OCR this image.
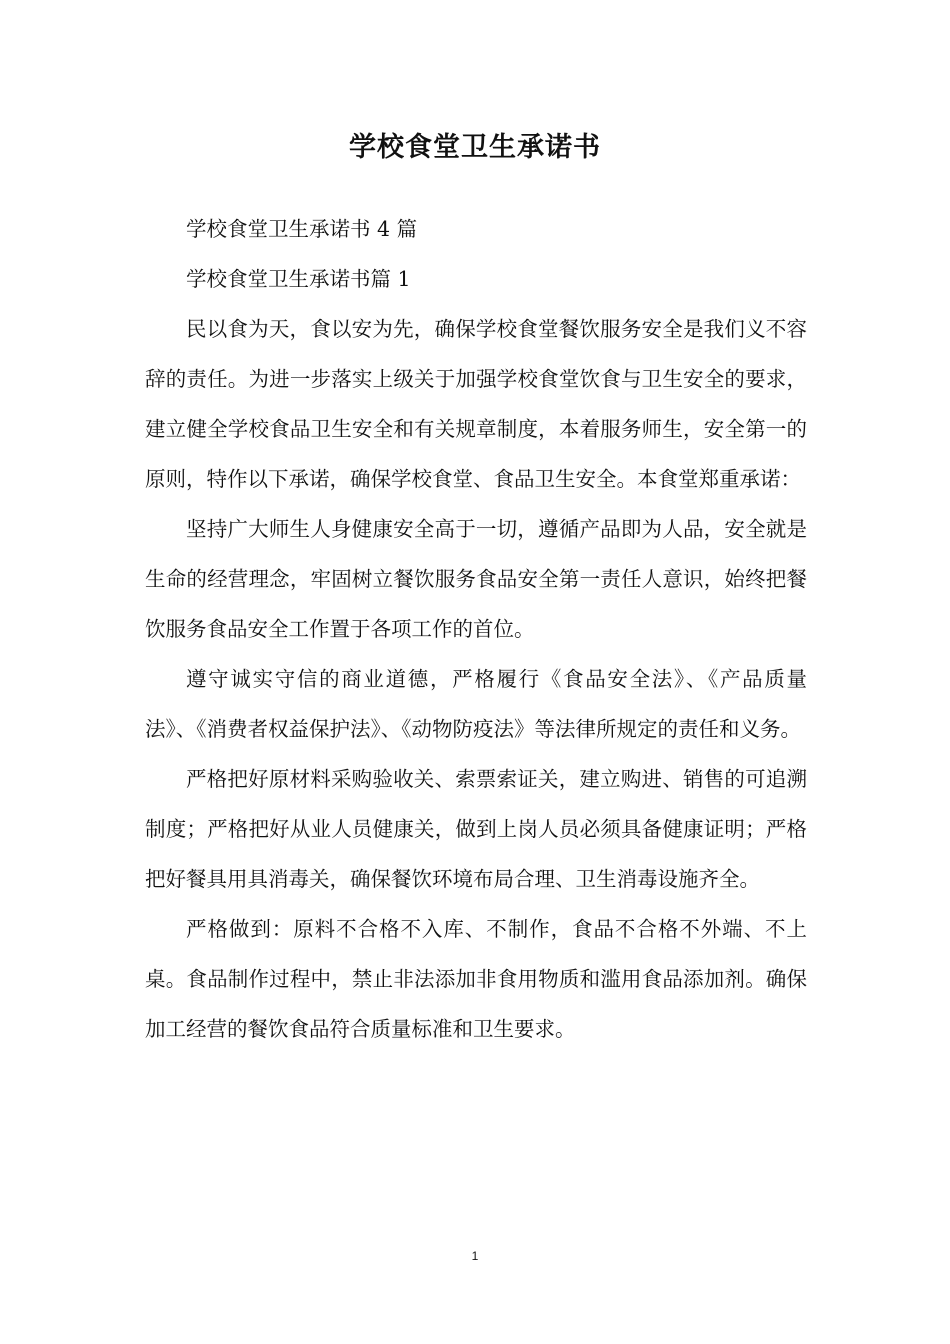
学校食堂卫生承诺书

学校食堂卫生承诺书 4 篇

学校食堂卫生承诺书篇 1

民以食为天，食以安为先，确保学校食堂餐饮服务安全是我们义不容辞的责任。为进一步落实上级关于加强学校食堂饮食与卫生安全的要求，建立健全学校食品卫生安全和有关规章制度，本着服务师生，安全第一的原则，特作以下承诺，确保学校食堂、食品卫生安全。本食堂郑重承诺：

坚持广大师生人身健康安全高于一切，遵循产品即为人品，安全就是生命的经营理念，牢固树立餐饮服务食品安全第一责任人意识，始终把餐饮服务食品安全工作置于各项工作的首位。

遵守诚实守信的商业道德，严格履行《食品安全法》、《产品质量法》、《消费者权益保护法》、《动物防疫法》等法律所规定的责任和义务。

严格把好原材料采购验收关、索票索证关，建立购进、销售的可追溯制度；严格把好从业人员健康关，做到上岗人员必须具备健康证明；严格把好餐具用具消毒关，确保餐饮环境布局合理、卫生消毒设施齐全。

严格做到：原料不合格不入库、不制作，食品不合格不外端、不上桌。食品制作过程中，禁止非法添加非食用物质和滥用食品添加剂。确保加工经营的餐饮食品符合质量标准和卫生要求。

1
